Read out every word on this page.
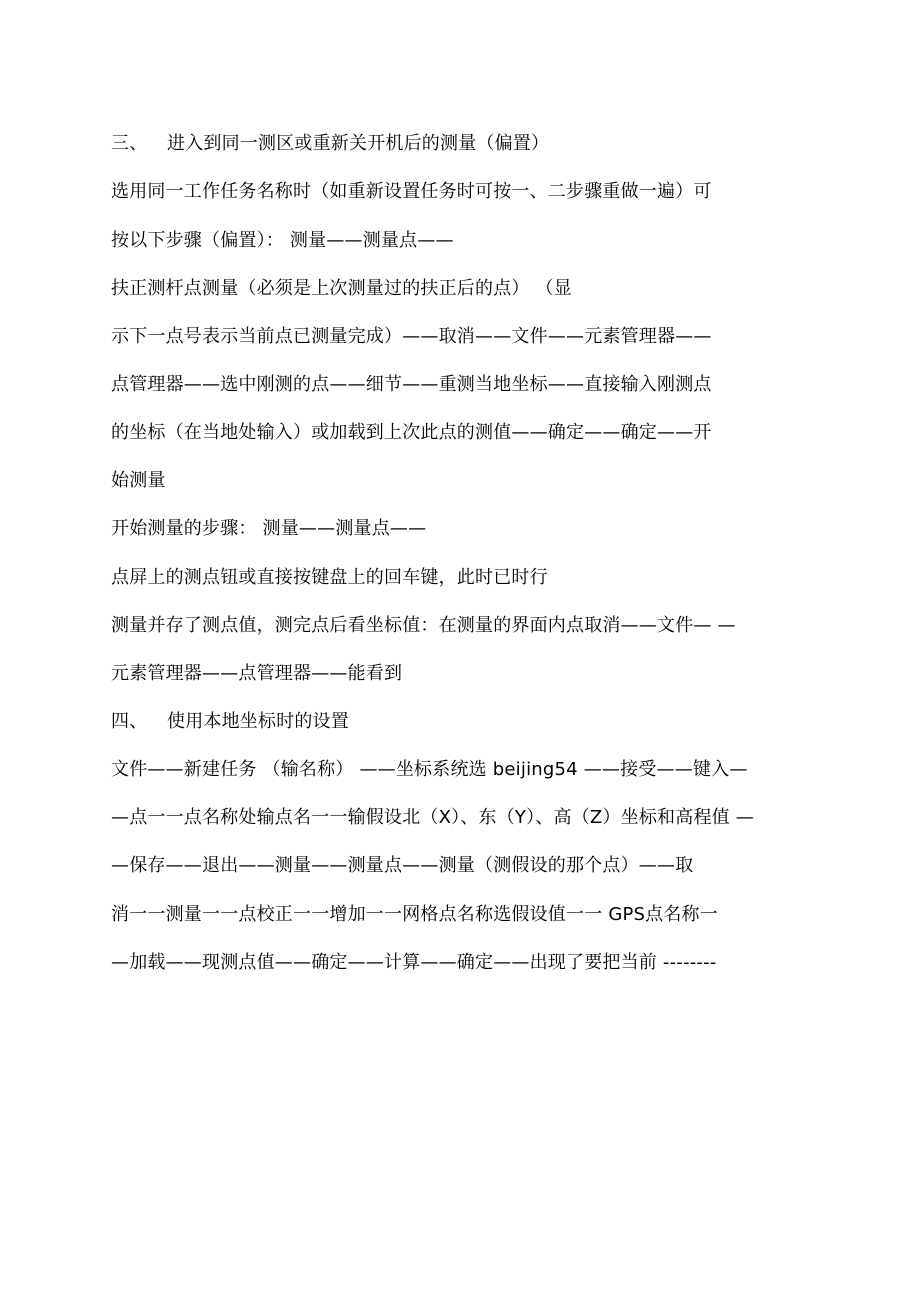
三、 进入到同一测区或重新关开机后的测量（偏置）
选用同一工作任务名称时（如重新设置任务时可按一、二步骤重做一遍）可
按以下步骤（偏置）： 测量——测量点——
扶正测杆点测量（必须是上次测量过的扶正后的点） （显
示下一点号表示当前点已测量完成）——取消——文件——元素管理器——
点管理器——选中刚测的点——细节——重测当地坐标——直接输入刚测点
的坐标（在当地处输入）或加载到上次此点的测值——确定——确定——开
始测量
开始测量的步骤： 测量——测量点——
点屏上的测点钮或直接按键盘上的回车键，此时已时行
测量并存了测点值，测完点后看坐标值：在测量的界面内点取消——文件— —
元素管理器——点管理器——能看到
四、 使用本地坐标时的设置
文件——新建任务 （输名称） ——坐标系统选 beijing54 ——接受——键入—
—点一一点名称处输点名一一输假设北（X）、东（Y）、高（Z）坐标和高程值 —
—保存——退出——测量——测量点——测量（测假设的那个点）——取
消一一测量一一点校正一一增加一一网格点名称选假设值一一 GPS点名称一
—加载——现测点值——确定——计算——确定——出现了要把当前 --------
